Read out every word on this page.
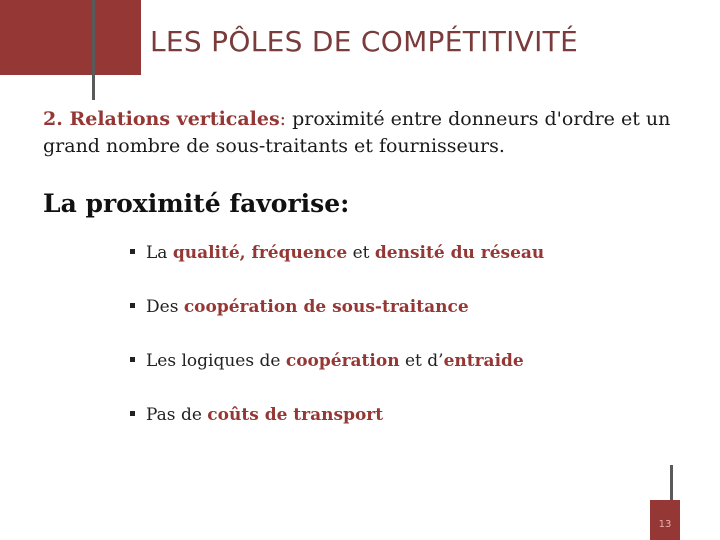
LES PÔLES DE COMPÉTITIVITÉ

2. Relations verticales: proximité entre donneurs d'ordre et un grand nombre de sous-traitants et fournisseurs.

La proximité favorise:
La qualité, fréquence et densité du réseau
Des coopération de sous-traitance
Les logiques de coopération et d’entraide
Pas de coûts de transport
13
